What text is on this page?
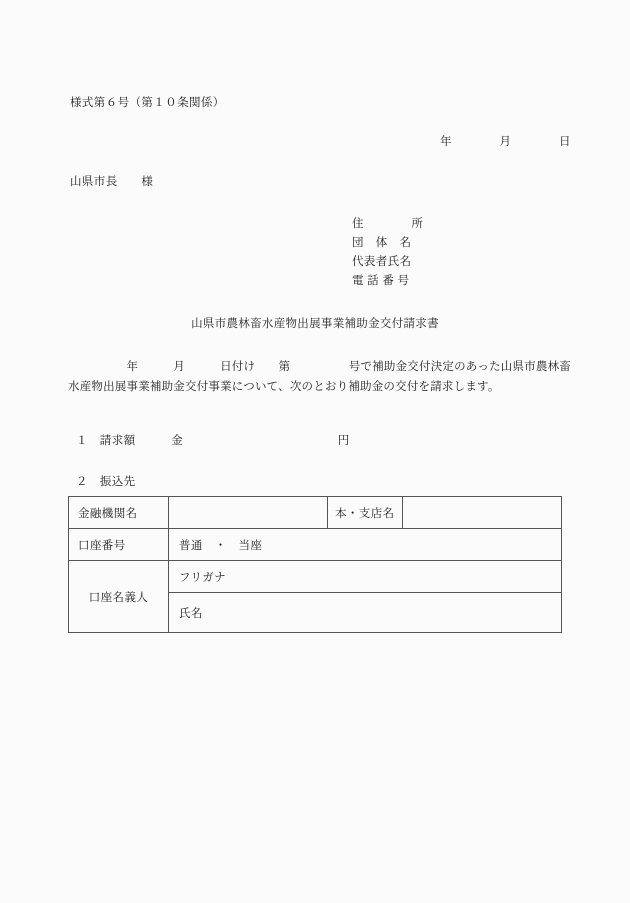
様式第６号（第１０条関係）
年　　　　月　　　　日
山県市長　　様
住　　　　所
団　体　名
代表者氏名
電 話 番 号
山県市農林畜水産物出展事業補助金交付請求書
　　　　　年　　　月　　　日付け　　第　　　　　号で補助金交付決定のあった山県市農林畜水産物出展事業補助金交付事業について、次のとおり補助金の交付を請求します。
１　請求額　　　金　　　　　　　　　　　　　円
２　振込先
金融機関名		本・支店名	
口座番号	普通　・　当座		
口座名義人	フリガナ		
	氏名		
